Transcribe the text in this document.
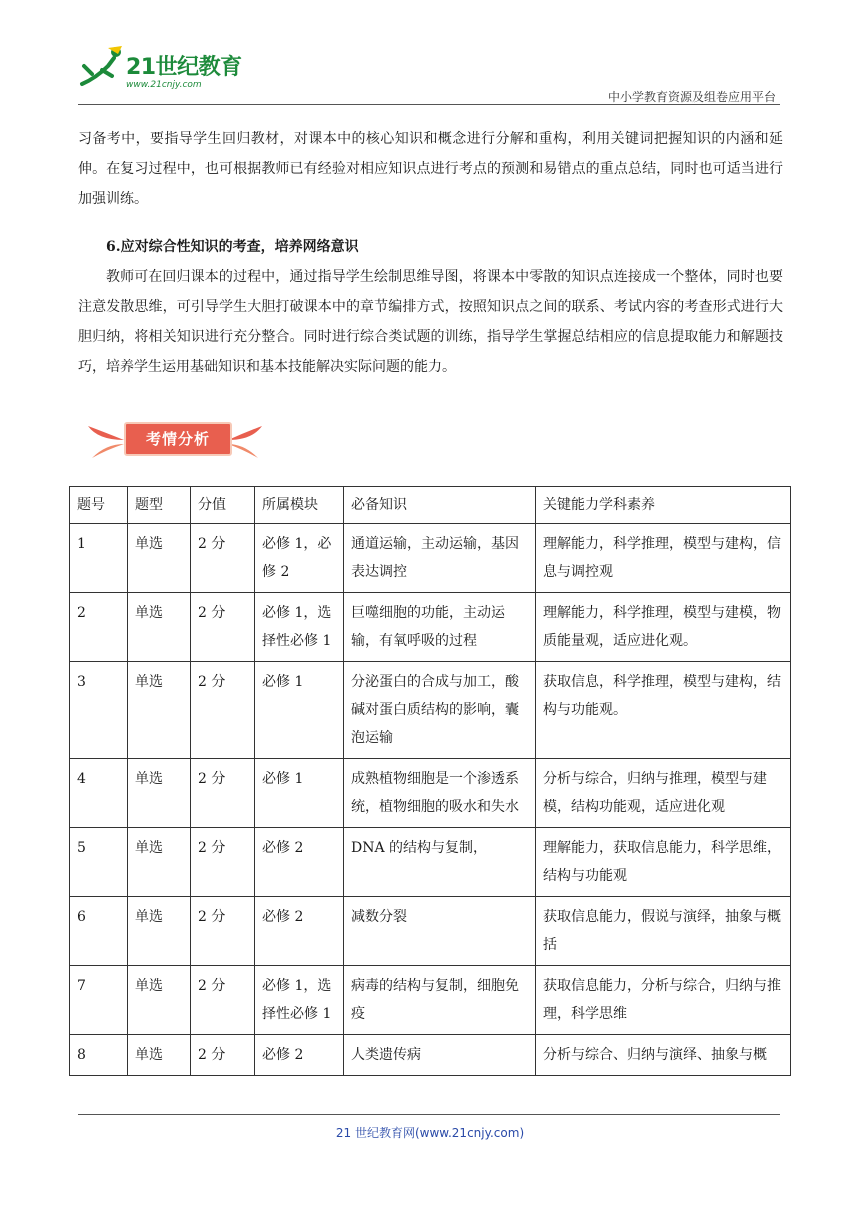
21世纪教育
www.21cnjy.com
中小学教育资源及组卷应用平台

习备考中，要指导学生回归教材，对课本中的核心知识和概念进行分解和重构，利用关键词把握知识的内涵和延伸。在复习过程中，也可根据教师已有经验对相应知识点进行考点的预测和易错点的重点总结，同时也可适当进行加强训练。

6.应对综合性知识的考查，培养网络意识

教师可在回归课本的过程中，通过指导学生绘制思维导图，将课本中零散的知识点连接成一个整体，同时也要注意发散思维，可引导学生大胆打破课本中的章节编排方式，按照知识点之间的联系、考试内容的考查形式进行大胆归纳，将相关知识进行充分整合。同时进行综合类试题的训练，指导学生掌握总结相应的信息提取能力和解题技巧，培养学生运用基础知识和基本技能解决实际问题的能力。

考情分析
题号	题型	分值	所属模块	必备知识	关键能力学科素养
1	单选	2 分	必修 1，必修 2	通道运输，主动运输，基因表达调控	理解能力，科学推理，模型与建构，信息与调控观
2	单选	2 分	必修 1，选择性必修 1	巨噬细胞的功能，主动运输，有氧呼吸的过程	理解能力，科学推理，模型与建模，物质能量观，适应进化观。
3	单选	2 分	必修 1	分泌蛋白的合成与加工，酸碱对蛋白质结构的影响，囊泡运输	获取信息，科学推理，模型与建构，结构与功能观。
4	单选	2 分	必修 1	成熟植物细胞是一个渗透系统，植物细胞的吸水和失水	分析与综合，归纳与推理，模型与建模，结构功能观，适应进化观
5	单选	2 分	必修 2	DNA 的结构与复制，	理解能力，获取信息能力，科学思维，结构与功能观
6	单选	2 分	必修 2	减数分裂	获取信息能力，假说与演绎，抽象与概括
7	单选	2 分	必修 1，选择性必修 1	病毒的结构与复制，细胞免疫	获取信息能力，分析与综合，归纳与推理，科学思维
8	单选	2 分	必修 2	人类遗传病	分析与综合、归纳与演绎、抽象与概
21 世纪教育网(www.21cnjy.com)
